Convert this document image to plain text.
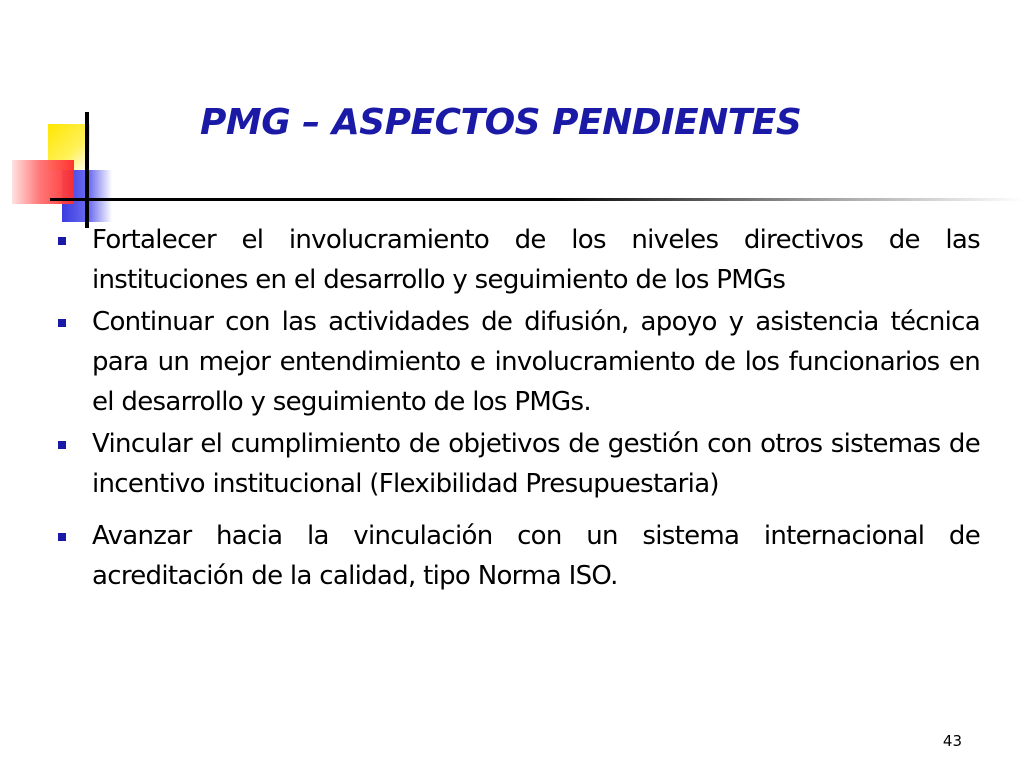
PMG – ASPECTOS PENDIENTES
Fortalecer el involucramiento de los niveles directivos de las instituciones en el desarrollo y seguimiento de los PMGs
Continuar con las actividades de difusión, apoyo y asistencia técnica para un mejor entendimiento e involucramiento de los funcionarios en el desarrollo y seguimiento de los PMGs.
Vincular el cumplimiento de objetivos de gestión con otros sistemas de incentivo institucional (Flexibilidad Presupuestaria)
Avanzar hacia la vinculación con un sistema internacional de acreditación de la calidad, tipo Norma ISO.
43
